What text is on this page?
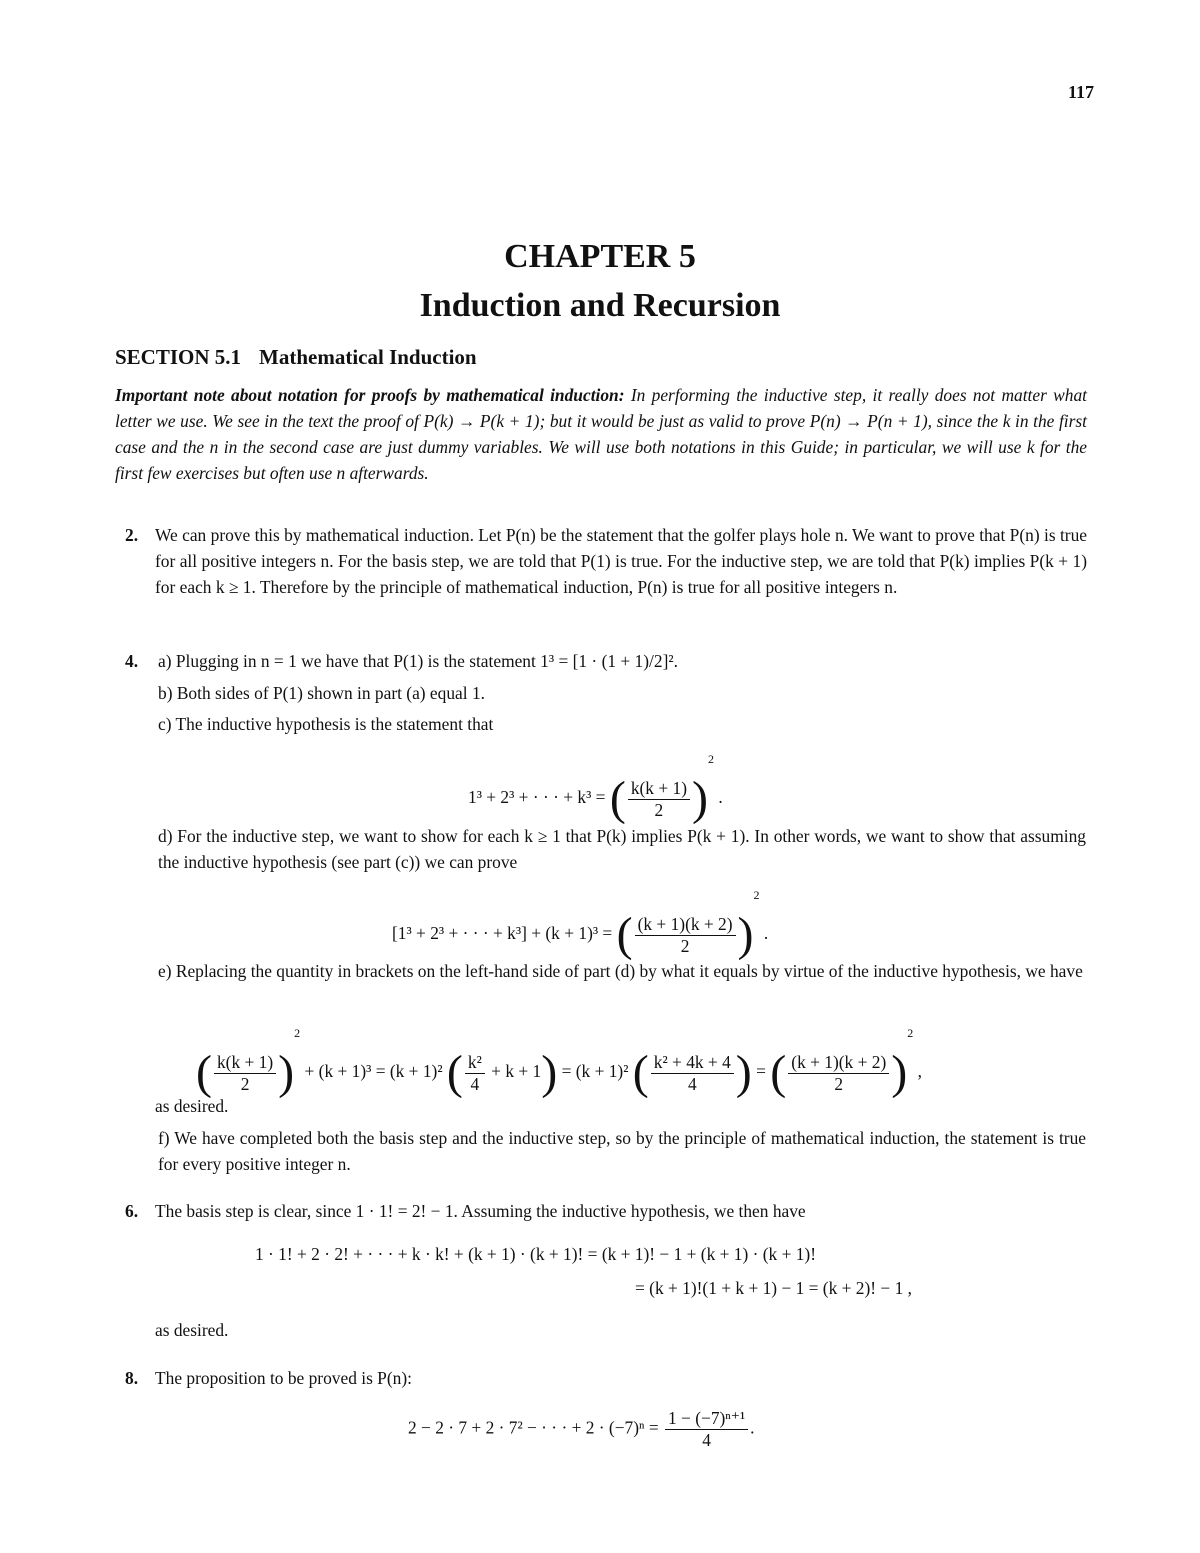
117
CHAPTER 5
Induction and Recursion
SECTION 5.1 Mathematical Induction
Important note about notation for proofs by mathematical induction: In performing the inductive step, it really does not matter what letter we use. We see in the text the proof of P(k) → P(k + 1); but it would be just as valid to prove P(n) → P(n + 1), since the k in the first case and the n in the second case are just dummy variables. We will use both notations in this Guide; in particular, we will use k for the first few exercises but often use n afterwards.
2. We can prove this by mathematical induction. Let P(n) be the statement that the golfer plays hole n. We want to prove that P(n) is true for all positive integers n. For the basis step, we are told that P(1) is true. For the inductive step, we are told that P(k) implies P(k + 1) for each k ≥ 1. Therefore by the principle of mathematical induction, P(n) is true for all positive integers n.
4. a) Plugging in n = 1 we have that P(1) is the statement 1³ = [1 · (1 + 1)/2]².
b) Both sides of P(1) shown in part (a) equal 1.
c) The inductive hypothesis is the statement that
1³ + 2³ + · · · + k³ = ( $\frac{k(k + 1)}{2} )^2$ .
d) For the inductive step, we want to show for each k ≥ 1 that P(k) implies P(k + 1). In other words, we want to show that assuming the inductive hypothesis (see part (c)) we can prove
[1³ + 2³ + · · · + k³] + (k + 1)³ = ( $\frac{(k + 1)(k + 2)}{2} )^2$ .
e) Replacing the quantity in brackets on the left-hand side of part (d) by what it equals by virtue of the inductive hypothesis, we have
( $\frac{k(k + 1)}{2} )^2 + (k + 1)^3 = (k + 1)^2$ ( $\frac{\text{k²}}{4} + k + 1) = (k + 1)^2$ ( $\frac{\text{k² + 4k + 4}}{4}$ ) = ( $\frac{(k + 1)(k + 2)}{2} )^2$ ,
as desired.
f) We have completed both the basis step and the inductive step, so by the principle of mathematical induction, the statement is true for every positive integer n.
6. The basis step is clear, since 1 · 1! = 2! − 1. Assuming the inductive hypothesis, we then have
1 · 1! + 2 · 2! + · · · + k · k! + (k + 1) · (k + 1)! = (k + 1)! − 1 + (k + 1) · (k + 1)!
= (k + 1)!(1 + k + 1) − 1 = (k + 2)! − 1 ,
as desired.
8. The proposition to be proved is P(n):
2 − 2 · 7 + 2 · 7² − · · · + $2 \cdot (-7)^n = \frac{\text{1 − (−7)ⁿ⁺¹}}{4}$ .
